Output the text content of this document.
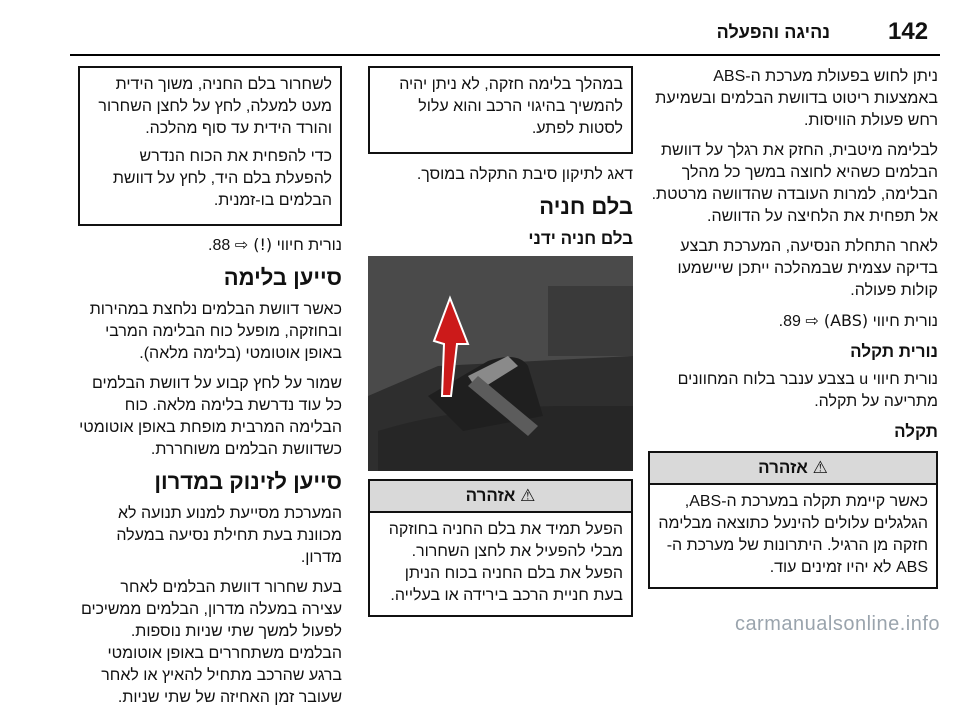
142
נהיגה והפעלה

ניתן לחוש בפעולת מערכת ה-ABS באמצעות ריטוט בדוושת הבלמים ובשמיעת רחש פעולת הוויסות.

לבלימה מיטבית, החזק את רגלך על דוושת הבלמים כשהיא לחוצה במשך כל מהלך הבלימה, למרות העובדה שהדוושה מרטטת. אל תפחית את הלחיצה על הדוושה.

לאחר התחלת הנסיעה, המערכת תבצע בדיקה עצמית שבמהלכה ייתכן שיישמעו קולות פעולה.

נורית חיווי (ABS) ⇨ 89.

נורית תקלה

נורית חיווי u בצבע ענבר בלוח המחוונים מתריעה על תקלה.

תקלה
⚠ אזהרה
כאשר קיימת תקלה במערכת ה-ABS, הגלגלים עלולים להינעל כתוצאה מבלימה חזקה מן הרגיל. היתרונות של מערכת ה-ABS לא יהיו זמינים עוד.

במהלך בלימה חזקה, לא ניתן יהיה להמשיך בהיגוי הרכב והוא עלול לסטות לפתע.

דאג לתיקון סיבת התקלה במוסך.

בלם חניה
בלם חניה ידני
⚠ אזהרה
הפעל תמיד את בלם החניה בחוזקה מבלי להפעיל את לחצן השחרור. הפעל את בלם החניה בכוח הניתן בעת חניית הרכב בירידה או בעלייה.

לשחרור בלם החניה, משוך הידית מעט למעלה, לחץ על לחצן השחרור והורד הידית עד סוף מהלכה.

כדי להפחית את הכוח הנדרש להפעלת בלם היד, לחץ על דוושת הבלמים בו-זמנית.

נורית חיווי (!) ⇨ 88.

סייען בלימה

כאשר דוושת הבלמים נלחצת במהירות ובחוזקה, מופעל כוח הבלימה המרבי באופן אוטומטי (בלימה מלאה).

שמור על לחץ קבוע על דוושת הבלמים כל עוד נדרשת בלימה מלאה. כוח הבלימה המרבית מופחת באופן אוטומטי כשדוושת הבלמים משוחררת.

סייען לזינוק במדרון

המערכת מסייעת למנוע תנועה לא מכוונת בעת תחילת נסיעה במעלה מדרון.

בעת שחרור דוושת הבלמים לאחר עצירה במעלה מדרון, הבלמים ממשיכים לפעול למשך שתי שניות נוספות. הבלמים משתחררים באופן אוטומטי ברגע שהרכב מתחיל להאיץ או לאחר שעובר זמן האחיזה של שתי שניות.

carmanualsonline.info
